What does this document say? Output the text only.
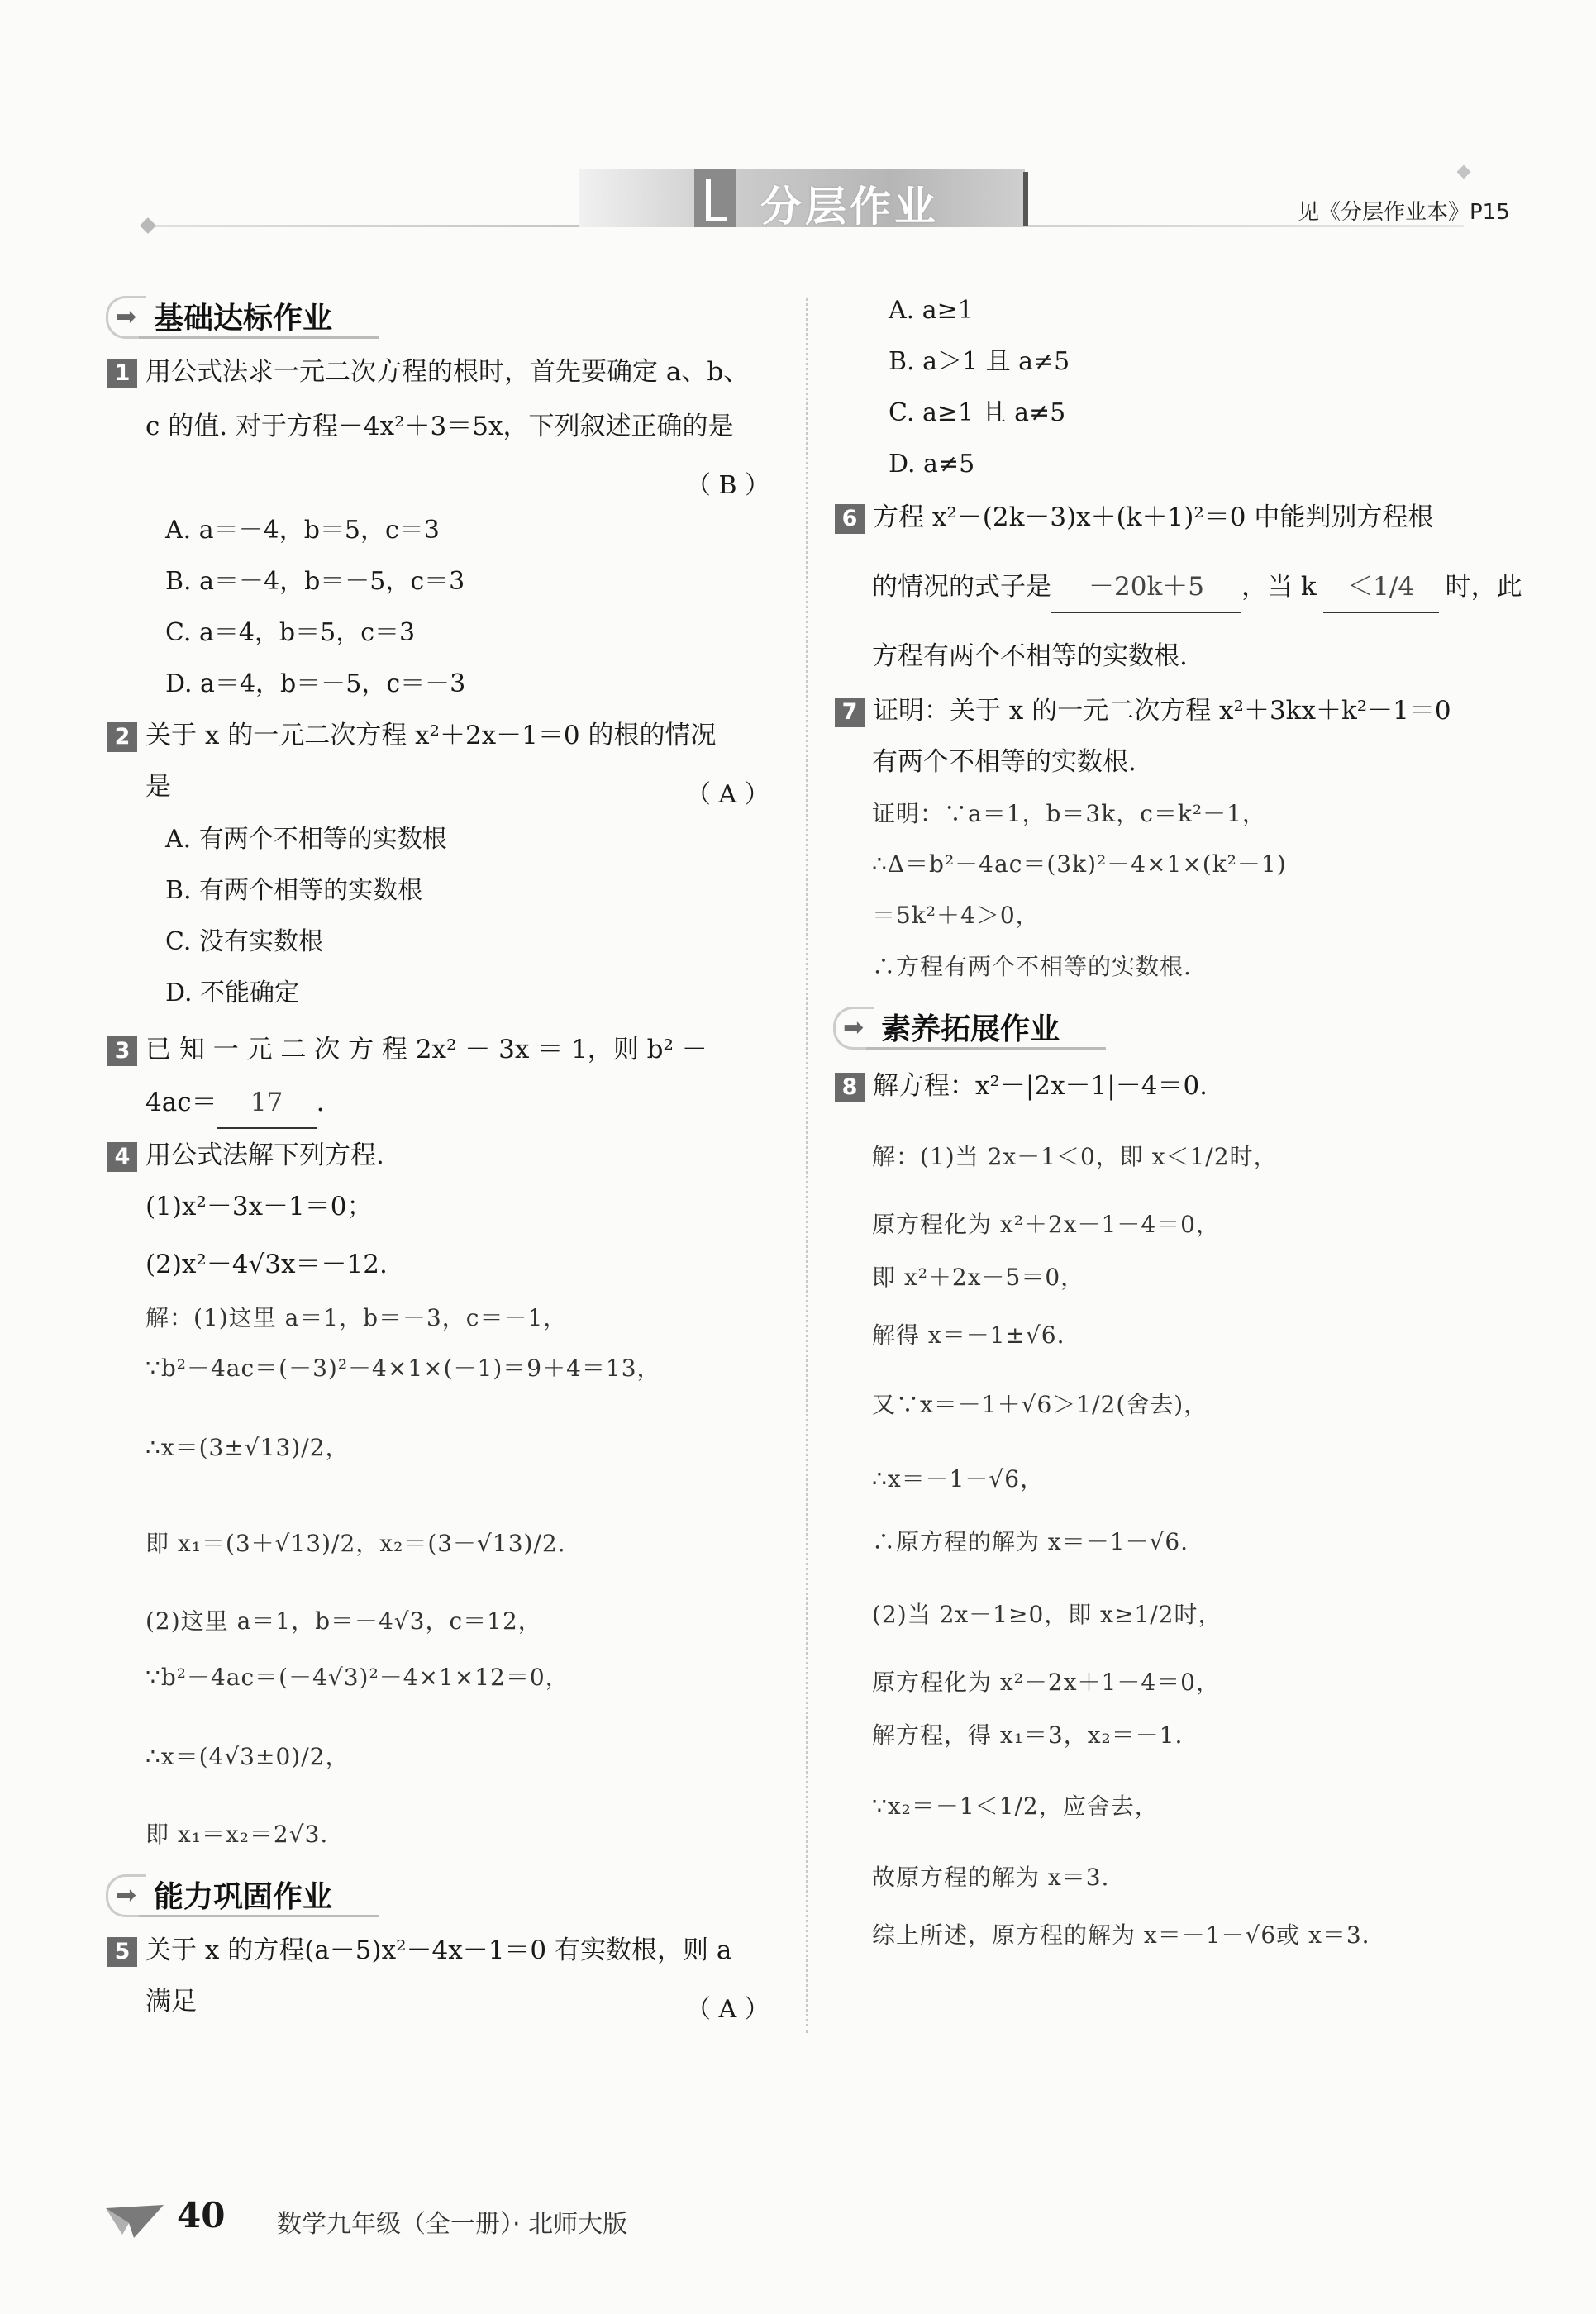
分层作业	见《分层作业本》P15
➡ 基础达标作业
1 用公式法求一元二次方程的根时，首先要确定 a、b、
c 的值. 对于方程－4x²＋3＝5x，下列叙述正确的是
（ B ）
A. a＝－4，b＝5，c＝3
B. a＝－4，b＝－5，c＝3
C. a＝4，b＝5，c＝3
D. a＝4，b＝－5，c＝－3
2 关于 x 的一元二次方程 x²＋2x－1＝0 的根的情况
是	（ A ）
A. 有两个不相等的实数根
B. 有两个相等的实数根
C. 没有实数根
D. 不能确定
3 已 知 一 元 二 次 方 程 2x² － 3x ＝ 1，则 b² －
4ac＝ 17 .
4 用公式法解下列方程.
(1)x²－3x－1＝0；
(2)x²－4√3x＝－12.
解：(1)这里 a＝1，b＝－3，c＝－1，
∵b²－4ac＝(－3)²－4×1×(－1)＝9＋4＝13，
∴x＝(3±√13)/2，
即 x₁＝(3＋√13)/2，x₂＝(3－√13)/2.
(2)这里 a＝1，b＝－4√3，c＝12，
∵b²－4ac＝(－4√3)²－4×1×12＝0，
∴x＝(4√3±0)/2，
即 x₁＝x₂＝2√3.
➡ 能力巩固作业
5 关于 x 的方程(a－5)x²－4x－1＝0 有实数根，则 a
满足	（ A ）
A. a≥1
B. a＞1 且 a≠5
C. a≥1 且 a≠5
D. a≠5
6 方程 x²－(2k－3)x＋(k＋1)²＝0 中能判别方程根
的情况的式子是 －20k＋5 ，当 k ＜1/4 时，此
方程有两个不相等的实数根.
7 证明：关于 x 的一元二次方程 x²＋3kx＋k²－1＝0
有两个不相等的实数根.
证明：∵a＝1，b＝3k，c＝k²－1，
∴Δ＝b²－4ac＝(3k)²－4×1×(k²－1)
＝5k²＋4＞0，
∴方程有两个不相等的实数根.
➡ 素养拓展作业
8 解方程：x²－|2x－1|－4＝0.
解：(1)当 2x－1＜0，即 x＜1/2时，
原方程化为 x²＋2x－1－4＝0，
即 x²＋2x－5＝0，
解得 x＝－1±√6.
又∵x＝－1＋√6＞1/2(舍去)，
∴x＝－1－√6，
∴原方程的解为 x＝－1－√6.
(2)当 2x－1≥0，即 x≥1/2时，
原方程化为 x²－2x＋1－4＝0，
解方程，得 x₁＝3，x₂＝－1.
∵x₂＝－1＜1/2，应舍去，
故原方程的解为 x＝3.
综上所述，原方程的解为 x＝－1－√6或 x＝3.
40 数学九年级（全一册）· 北师大版
